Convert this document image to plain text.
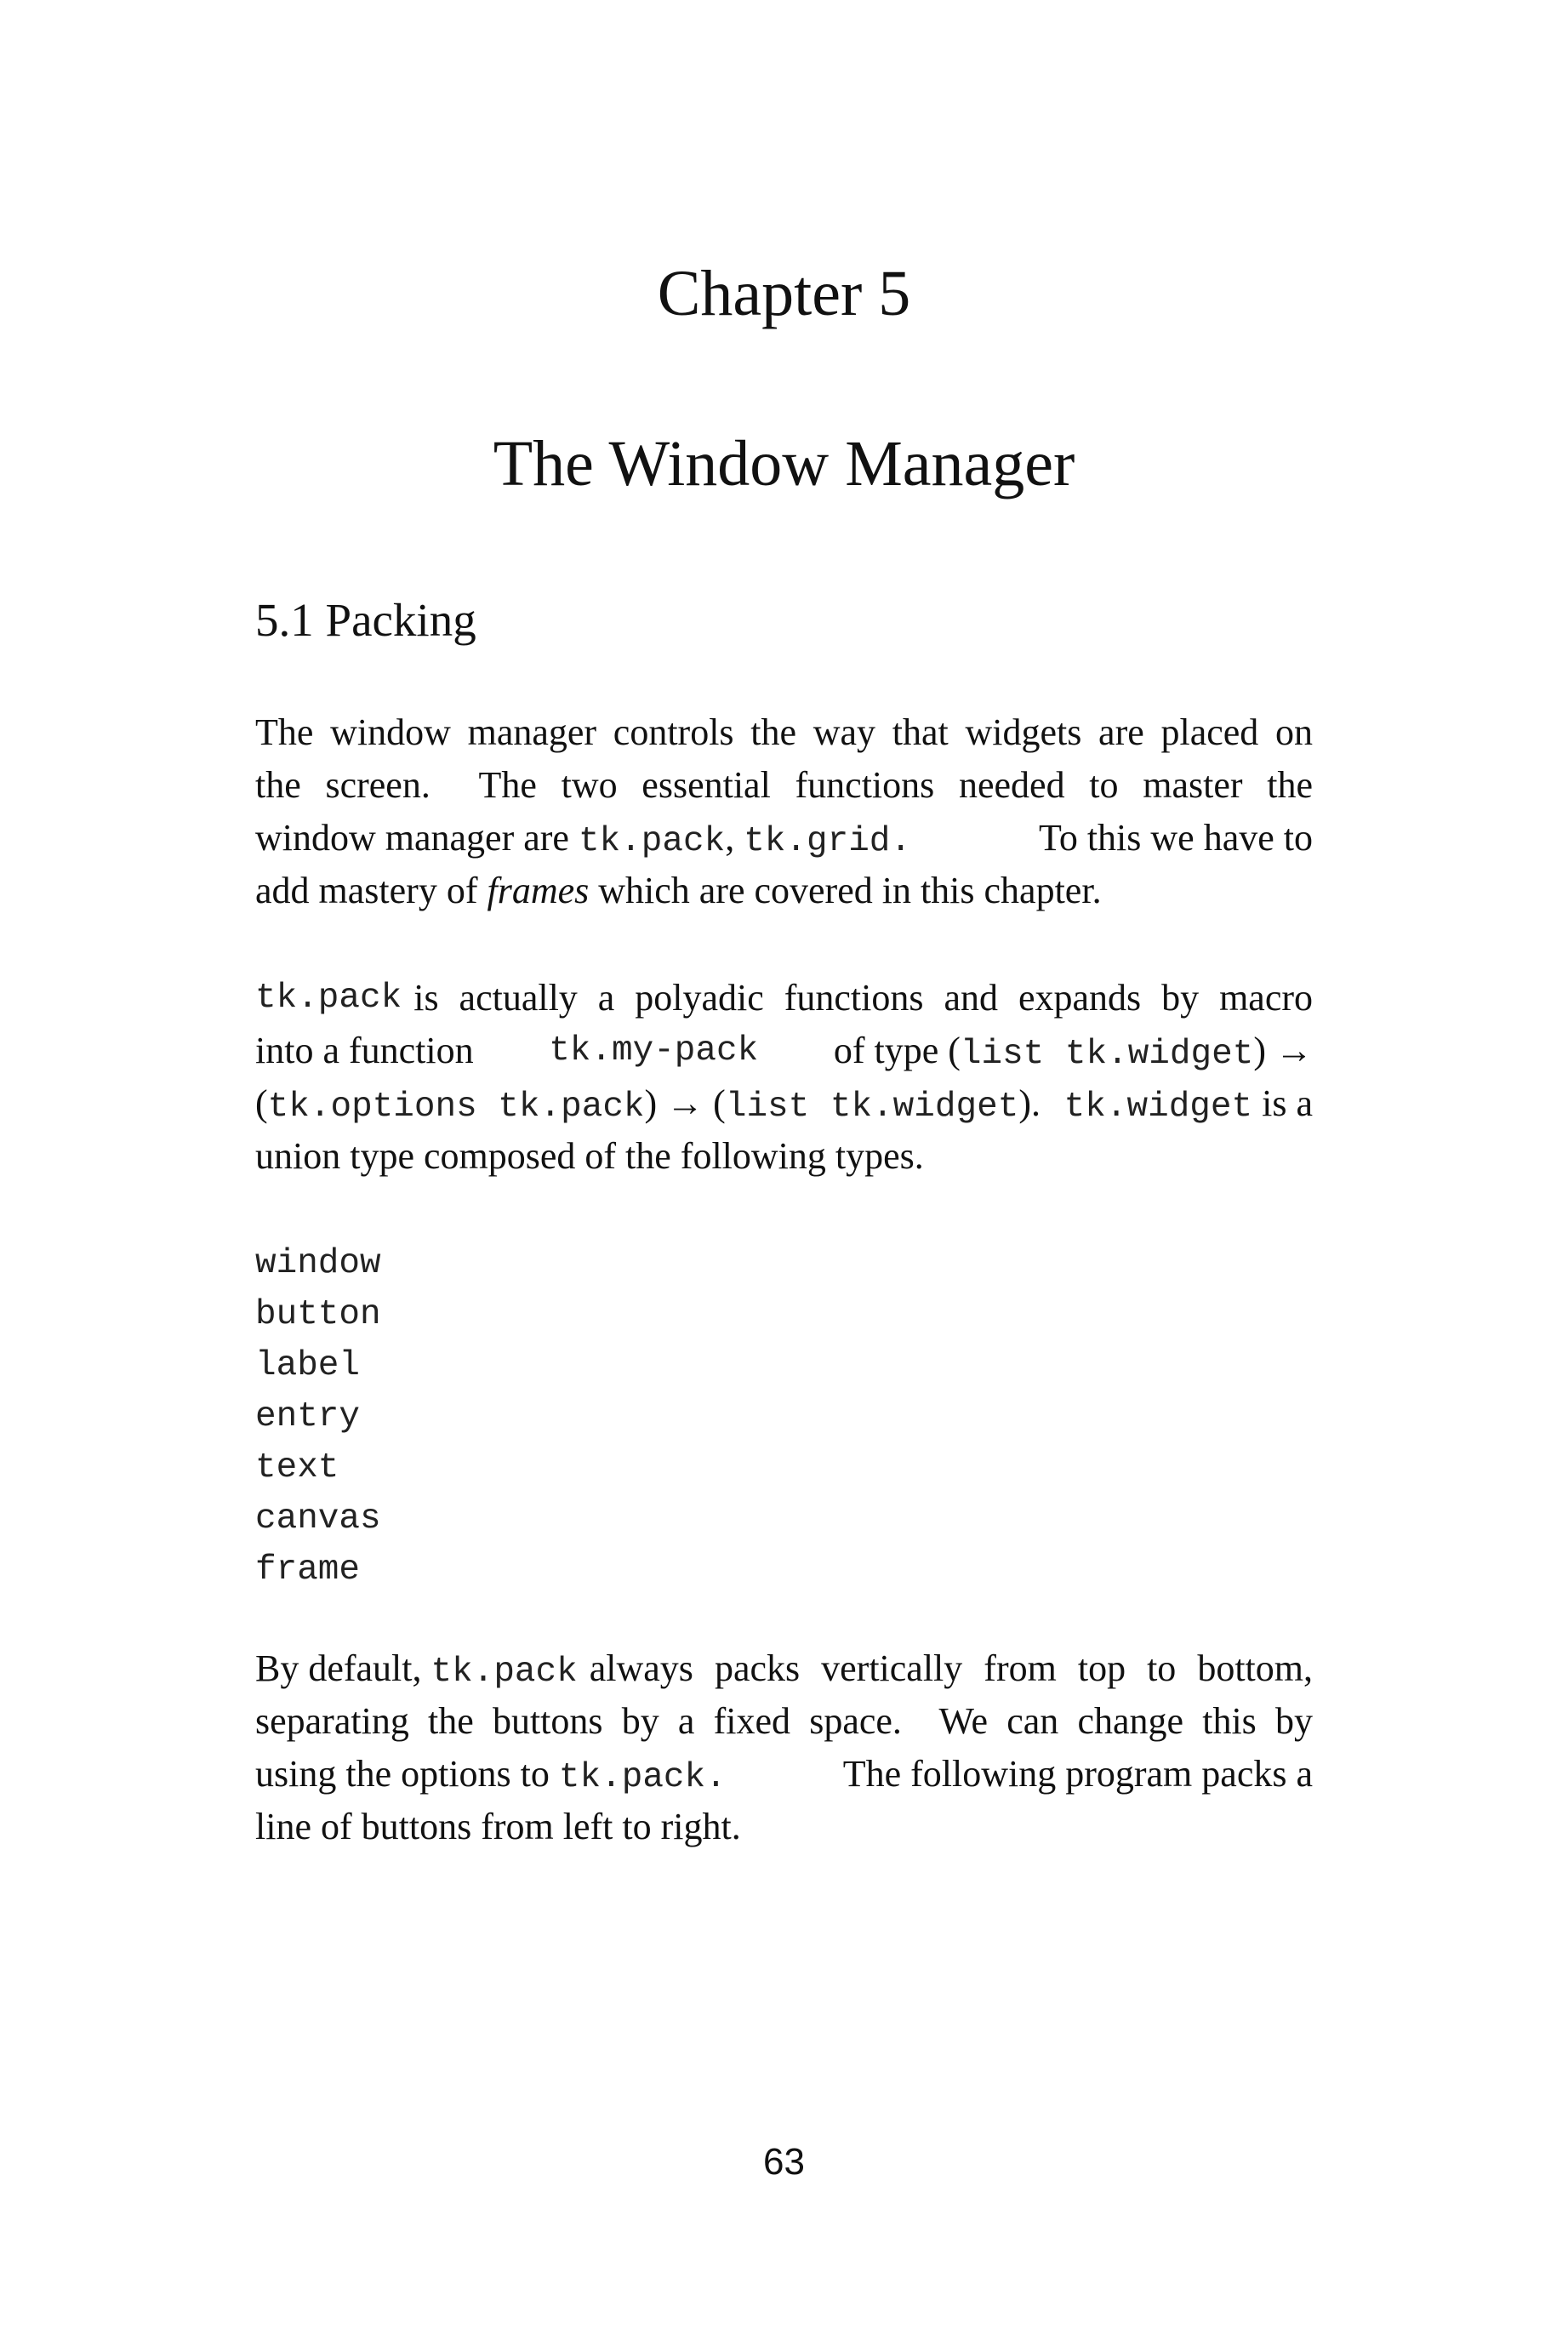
Chapter 5
The Window Manager
5.1 Packing
The window manager controls the way that widgets are placed on
the screen.  The two essential functions needed to master the
window manager are tk.pack, tk.grid.	To this we have to
add mastery of frames which are covered in this chapter.
tk.pack is actually a polyadic functions and expands by macro
into a function tk.my-pack of type (list tk.widget) →
(tk.options tk.pack) → (list tk.widget). tk.widget is a
union type composed of the following types.
window
button
label
entry
text
canvas
frame
By default, tk.pack always packs vertically from top to bottom,
separating the buttons by a fixed space.  We can change this by
using the options to tk.pack.	The following program packs a
line of buttons from left to right.
63
